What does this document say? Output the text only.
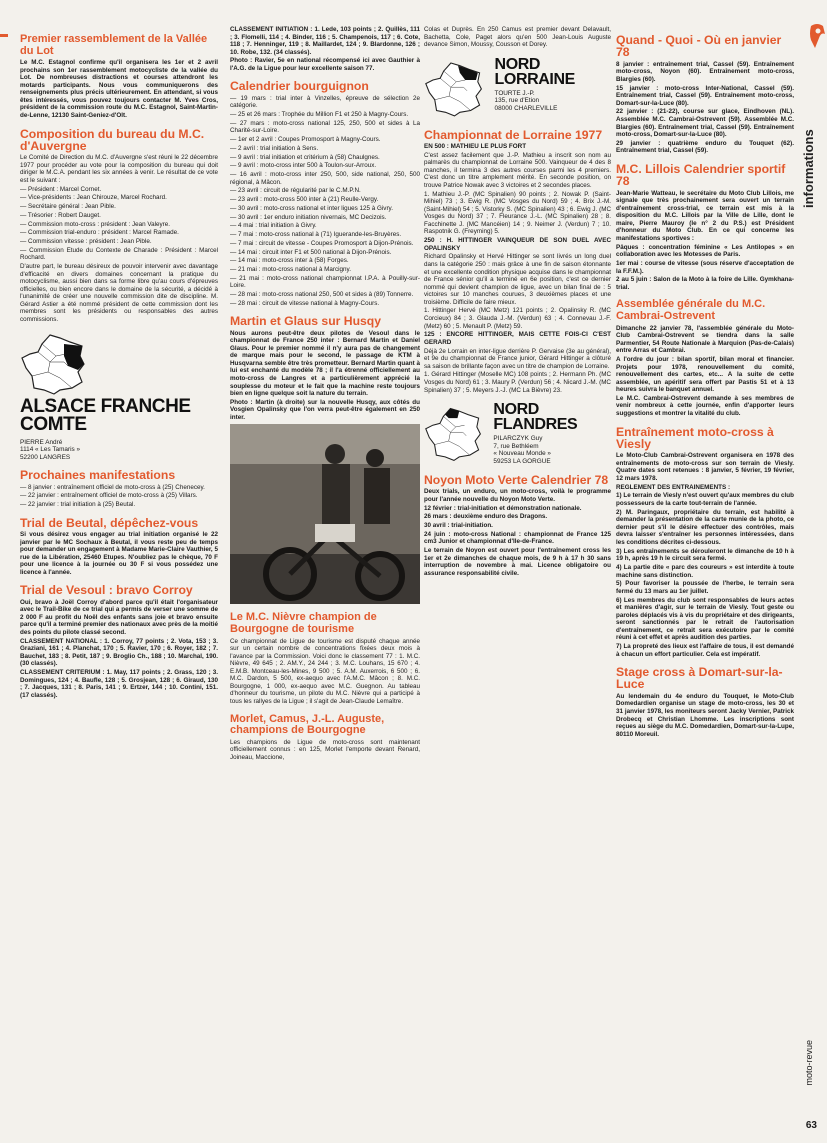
Premier rassemblement de la Vallée du Lot

Le M.C. Estagnol confirme qu'il organisera les 1er et 2 avril prochains son 1er rassemblement motocycliste de la vallée du Lot. De nombreuses distractions et courses attendront les motards participants. Nous vous communiquerons des renseignements plus précis ultérieurement. En attendant, si vous êtes intéressés, vous pouvez toujours contacter M. Yves Cros, président de la commission route du M.C. Estagnol, Saint-Martin-de-Lenne, 12130 Saint-Geniez-d'Olt.

Composition du bureau du M.C. d'Auvergne

Le Comité de Direction du M.C. d'Auvergne s'est réuni le 22 décembre 1977 pour procéder au vote pour la composition du bureau qui doit diriger le M.C.A. pendant les six années à venir. Le résultat de ce vote est le suivant :

— Président : Marcel Cornet.

— Vice-présidents : Jean Chirouze, Marcel Rochard.

— Secrétaire général : Jean Pible.

— Trésorier : Robert Dauget.

— Commission moto-cross : président : Jean Valeyre.

— Commission trial-enduro : président : Marcel Ramade.

— Commission vitesse : président : Jean Pible.

— Commission Etude du Contexte de Charade : Président : Marcel Rochard.

D'autre part, le bureau désireux de pouvoir intervenir avec davantage d'efficacité en divers domaines concernant la pratique du motocyclisme, aussi bien dans sa forme libre qu'au cours d'épreuves officielles, ou bien encore dans le domaine de la sécurité, a décidé à l'unanimité de créer une nouvelle commission dite de discipline. M. Gérard Astier a été nommé président de cette commission dont les membres sont les présidents ou responsables des autres commissions.

ALSACE FRANCHE COMTE
PIERRE André
1114 « Les Tamaris »
52200 LANGRES
Prochaines manifestations

— 8 janvier : entraînement officiel de moto-cross à (25) Chenecey.

— 22 janvier : entraînement officiel de moto-cross à (25) Villars.

— 22 janvier : trial initiation à (25) Beutal.

Trial de Beutal, dépêchez-vous

Si vous désirez vous engager au trial initiation organisé le 22 janvier par le MC Sochaux à Beutal, il vous reste peu de temps pour demander un engagement à Madame Marie-Claire Vauthier, 5 rue de la Libération, 25460 Etupes. N'oubliez pas le chèque, 70 F pour une licence à la journée ou 30 F si vous possédez une licence à l'année.

Trial de Vesoul : bravo Corroy

Oui, bravo à Joël Corroy d'abord parce qu'il était l'organisateur avec le Trail-Bike de ce trial qui a permis de verser une somme de 2 000 F au profit du Noël des enfants sans joie et bravo ensuite parce qu'il a terminé premier des nationaux avec près de la moitié des points du pilote classé second.

CLASSEMENT NATIONAL : 1. Corroy, 77 points ; 2. Vota, 153 ; 3. Graziani, 161 ; 4. Planchat, 170 ; 5. Ravier, 170 ; 6. Royer, 182 ; 7. Bauchet, 183 ; 8. Petit, 187 ; 9. Broglio Ch., 188 ; 10. Marchal, 190. (30 classés).

CLASSEMENT CRITERIUM : 1. May, 117 points ; 2. Grass, 120 ; 3. Domingues, 124 ; 4. Baufle, 128 ; 5. Grosjean, 128 ; 6. Giraud, 130 ; 7. Jacques, 131 ; 8. Paris, 141 ; 9. Ertzer, 144 ; 10. Contini, 151. (17 classés).

CLASSEMENT INITIATION : 1. Lede, 103 points ; 2. Quillès, 111 ; 3. Flomelli, 114 ; 4. Binder, 116 ; 5. Champenois, 117 ; 6. Cote, 118 ; 7. Henninger, 119 ; 8. Maillardet, 124 ; 9. Blardonne, 126 ; 10. Robe, 132. (34 classés).

Photo : Ravier, 5e en national récompensé ici avec Gauthier à l'A.G. de la Ligue pour leur excellente saison 77.

Calendrier bourguignon

— 19 mars : trial inter à Vinzelles, épreuve de sélection 2e catégorie.

— 25 et 26 mars : Trophée du Million F1 et 250 à Magny-Cours.

— 27 mars : moto-cross national 125, 250, 500 et sides à La Charité-sur-Loire.

— 1er et 2 avril : Coupes Promosport à Magny-Cours.

— 2 avril : trial initiation à Sens.

— 9 avril : trial initiation et critérium à (58) Chaulgnes.

— 9 avril : moto-cross inter 500 à Toulon-sur-Arroux.

— 16 avril : moto-cross inter 250, 500, side national, 250, 500 régional, à Mâcon.

— 23 avril : circuit de régularité par le C.M.P.N.

— 23 avril : moto-cross 500 inter à (21) Reulle-Vergy.

— 30 avril : moto-cross national et inter ligues 125 à Givry.

— 30 avril : 1er enduro initiation nivernais, MC Decizois.

— 4 mai : trial initiation à Givry.

— 7 mai : moto-cross national à (71) Iguerande-les-Bruyères.

— 7 mai : circuit de vitesse - Coupes Promosport à Dijon-Prénois.

— 14 mai : circuit inter F1 et 500 national à Dijon-Prénois.

— 14 mai : moto-cross inter à (58) Forges.

— 21 mai : moto-cross national à Marcigny.

— 21 mai : moto-cross national championnat I.P.A. à Pouilly-sur-Loire.

— 28 mai : moto-cross national 250, 500 et sides à (89) Tonnerre.

— 28 mai : circuit de vitesse national à Magny-Cours.

Martin et Glaus sur Husqy

Nous aurons peut-être deux pilotes de Vesoul dans le championnat de France 250 inter : Bernard Martin et Daniel Glaus. Pour le premier nommé il n'y aura pas de changement de marque mais pour le second, le passage de KTM à Husqvarna semble être très prometteur. Bernard Martin quant à lui est enchanté du modèle 78 ; il l'a étrenné officiellement au moto-cross de Langres et a particulièrement apprécié la souplesse du moteur et le fait que la machine reste toujours bien en ligne quelque soit la nature du terrain.

Photo : Martin (à droite) sur la nouvelle Husqy, aux côtés du Vosgien Opalinsky que l'on verra peut-être également en 250 inter.

Le M.C. Nièvre champion de Bourgogne de tourisme

Ce championnat de Ligue de tourisme est disputé chaque année sur un certain nombre de concentrations fixées deux mois à l'avance par la Commission. Voici donc le classement 77 : 1. M.C. Nièvre, 49 645 ; 2. AM.Y., 24 244 ; 3. M.C. Louhans, 15 670 ; 4. E.M.B. Montceau-les-Mines, 9 500 ; 5. A.M. Auxerrois, 6 500 ; 6. M.C. Dardon, 5 500, ex-aequo avec l'A.M.C. Mâcon ; 8. M.C. Bourgogne, 1 000, ex-aequo avec M.C. Guegnon. Au tableau d'honneur du tourisme, un pilote du M.C. Nièvre qui a participé à tous les rallyes de la Ligue ; il s'agit de Jean-Claude Lemaître.

Morlet, Camus, J.-L. Auguste, champions de Bourgogne

Les champions de Ligue de moto-cross sont maintenant officiellement connus : en 125, Morlet l'emporte devant Renard, Joineau, Maccione,

Colas et Duprès. En 250 Camus est premier devant Delavault, Bachetta, Cole, Paget alors qu'en 500 Jean-Louis Auguste devance Simon, Moussy, Cousson et Dorey.

NORD LORRAINE
TOURTE J.-P.
135, rue d'Etion
08000 CHARLEVILLE
Championnat de Lorraine 1977

EN 500 : MATHIEU LE PLUS FORT

C'est assez facilement que J.-P. Mathieu a inscrit son nom au palmarès du championnat de Lorraine 500. Vainqueur de 4 des 8 manches, il termina 3 des autres courses parmi les 4 premiers. C'est donc un titre amplement mérité. En seconde position, on trouve Patrice Nowak avec 3 victoires et 2 secondes places.

1. Mathieu J.-P. (MC Spinalien) 90 points ; 2. Nowak P. (Saint-Mihiel) 73 ; 3. Ewig R. (MC Vosges du Nord) 59 ; 4. Brix J.-M. (Saint-Mihiel) 54 ; 5. Vistorky S. (MC Spinalien) 43 ; 6. Ewig J. (MC Vosges du Nord) 37 ; 7. Fleurance J.-L. (MC Spinalien) 28 ; 8. Facchinette J. (MC Mancéien) 14 ; 9. Neimer J. (Verdun) 7 ; 10. Raspotnik G. (Freyming) 5.

250 : H. HITTINGER VAINQUEUR DE SON DUEL AVEC OPALINSKY

Richard Opalinsky et Hervé Hittinger se sont livrés un long duel dans la catégorie 250 : mais grâce à une fin de saison étonnante et une excellente condition physique acquise dans le championnat de France sénior qu'il a terminé en 6e position, c'est ce dernier nommé qui devient champion de ligue, avec un bilan final de : 5 victoires sur 10 manches courues, 3 deuxièmes places et une troisième. Difficile de faire mieux.

1. Hittinger Hervé (MC Metz) 121 points ; 2. Opalinsky R. (MC Corcieux) 84 ; 3. Glauda J.-M. (Verdun) 63 ; 4. Connevau J.-F. (Metz) 60 ; 5. Menault P. (Metz) 59.

125 : ENCORE HITTINGER, MAIS CETTE FOIS-CI C'EST GERARD

Déjà 2e Lorrain en inter-ligue derrière P. Gervaise (3e au général), et 9e du championnat de France junior, Gérard Hittinger a clôturé sa saison de brillante façon avec un titre de champion de Lorraine.

1. Gérard Hittinger (Moselle MC) 108 points ; 2. Hermann Ph. (MC Vosges du Nord) 61 ; 3. Maury P. (Verdun) 56 ; 4. Nicard J.-M. (MC Spinalien) 37 ; 5. Meyers J.-J. (MC La Bièvre) 23.

NORD FLANDRES
PILARCZYK Guy
7, rue Bethléem
« Nouveau Monde »
59253 LA GORGUE
Noyon Moto Verte Calendrier 78

Deux trials, un enduro, un moto-cross, voilà le programme pour l'année nouvelle du Noyon Moto Verte.

12 février : trial-initiation et démonstration nationale.

26 mars : deuxième enduro des Dragons.

30 avril : trial-initiation.

24 juin : moto-cross National : championnat de France 125 cm3 Junior et championnat d'Ile-de-France.

Le terrain de Noyon est ouvert pour l'entraînement cross les 1er et 2e dimanches de chaque mois, de 9 h à 17 h 30 sans interruption de novembre à mai. Licence obligatoire ou assurance responsabilité civile.

Quand - Quoi - Où en janvier 78

8 janvier : entraînement trial, Cassel (59). Entraînement moto-cross, Noyon (60). Entraînement moto-cross, Blargies (60).

15 janvier : moto-cross Inter-National, Cassel (59). Entraînement trial, Cassel (59). Entraînement moto-cross, Domart-sur-la-Luce (80).

22 janvier : (21-22), course sur glace, Eindhoven (NL). Assemblée M.C. Cambrai-Ostrevent (59). Assemblée M.C. Blargies (60). Entraînement trial, Cassel (59). Entraînement moto-cross, Domart-sur-la-Luce (80).

29 janvier : quatrième enduro du Touquet (62). Entraînement trial, Cassel (59).

M.C. Lillois Calendrier sportif 78

Jean-Marie Watteau, le secrétaire du Moto Club Lillois, me signale que très prochainement sera ouvert un terrain d'entraînement cross-trial, ce terrain est mis à la disposition du M.C. Lillois par la Ville de Lille, dont le maire, Pierre Mauroy (le n° 2 du P.S.) est Président d'honneur du Moto Club. En ce qui concerne les manifestations sportives :

Pâques : concentration féminine « Les Antilopes » en collaboration avec les Motesses de Paris.

1er mai : course de vitesse (sous réserve d'acceptation de la F.F.M.).

2 au 5 juin : Salon de la Moto à la foire de Lille. Gymkhana-trial.

Assemblée générale du M.C. Cambrai-Ostrevent

Dimanche 22 janvier 78, l'assemblée générale du Moto-Club Cambrai-Ostrevent se tiendra dans la salle Parmentier, 54 Route Nationale à Marquion (Pas-de-Calais) entre Arras et Cambrai.

A l'ordre du jour : bilan sportif, bilan moral et financier. Projets pour 1978, renouvellement du comité, renouvellement des cartes, etc... A la suite de cette assemblée, un apéritif sera offert par Pastis 51 et à 13 heures suivra le banquet annuel.

Le M.C. Cambrai-Ostrevent demande à ses membres de venir nombreux à cette journée, enfin d'apporter leurs suggestions et montrer la vitalité du club.

Entraînement moto-cross à Viesly

Le Moto-Club Cambrai-Ostrevent organisera en 1978 des entraînements de moto-cross sur son terrain de Viesly. Quatre dates sont retenues : 8 janvier, 5 février, 19 février, 12 mars 1978.

REGLEMENT DES ENTRAINEMENTS :

1) Le terrain de Viesly n'est ouvert qu'aux membres du club possesseurs de la carte tout-terrain de l'année.

2) M. Paringaux, propriétaire du terrain, est habilité à demander la présentation de la carte munie de la photo, ce dernier peut s'il le désire effectuer des contrôles, mais devra laisser s'entraîner les personnes intéressées, dans les conditions décrites ci-dessous.

3) Les entraînements se dérouleront le dimanche de 10 h à 19 h, après 19 h le circuit sera fermé.

4) La partie dite « parc des coureurs » est interdite à toute machine sans distinction.

5) Pour favoriser la poussée de l'herbe, le terrain sera fermé du 13 mars au 1er juillet.

6) Les membres du club sont responsables de leurs actes et manières d'agir, sur le terrain de Viesly. Tout geste ou paroles déplacés vis à vis du propriétaire et des dirigeants, seront sanctionnés par le retrait de l'autorisation d'entraînement, ce retrait sera exécutoire par le comité réuni à cet effet et après audition des parties.

7) La propreté des lieux est l'affaire de tous, il est demandé à chacun un effort particulier. Cela est impératif.

Stage cross à Domart-sur-la-Luce

Au lendemain du 4e enduro du Touquet, le Moto-Club Domedardien organise un stage de moto-cross, les 30 et 31 janvier 1978, les moniteurs seront Jacky Vernier, Patrick Drobecq et Christian Lhomme. Les inscriptions sont reçues au siège du M.C. Domedardien, Domart-sur-la-Lupe, 80110 Moreuil.

informations
moto-revue
63
